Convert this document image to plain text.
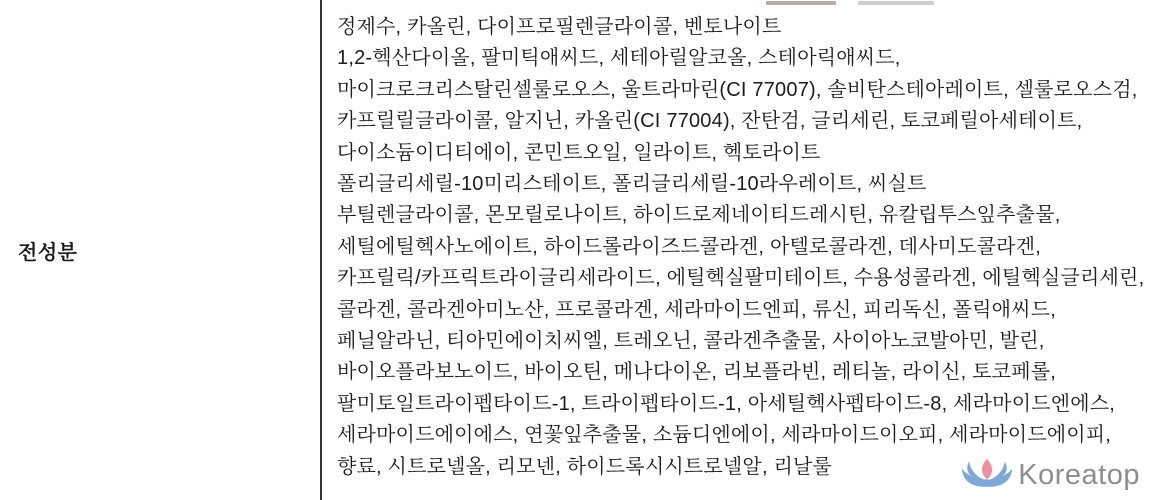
전성분
정제수, 카올린, 다이프로필렌글라이콜, 벤토나이트
1,2-헥산다이올, 팔미틱애씨드, 세테아릴알코올, 스테아릭애씨드,
마이크로크리스탈린셀룰로오스, 울트라마린(CI 77007), 솔비탄스테아레이트, 셀룰로오스검,
카프릴릴글라이콜, 알지닌, 카올린(CI 77004), 잔탄검, 글리세린, 토코페릴아세테이트,
다이소듐이디티에이, 콘민트오일, 일라이트, 헥토라이트
폴리글리세릴-10미리스테이트, 폴리글리세릴-10라우레이트, 씨실트
부틸렌글라이콜, 몬모릴로나이트, 하이드로제네이티드레시틴, 유칼립투스잎추출물,
세틸에틸헥사노에이트, 하이드롤라이즈드콜라겐, 아텔로콜라겐, 데사미도콜라겐,
카프릴릭/카프릭트라이글리세라이드, 에틸헥실팔미테이트, 수용성콜라겐, 에틸헥실글리세린,
콜라겐, 콜라겐아미노산, 프로콜라겐, 세라마이드엔피, 류신, 피리독신, 폴릭애씨드,
페닐알라닌, 티아민에이치씨엘, 트레오닌, 콜라겐추출물, 사이아노코발아민, 발린,
바이오플라보노이드, 바이오틴, 메나다이온, 리보플라빈, 레티놀, 라이신, 토코페롤,
팔미토일트라이펩타이드-1, 트라이펩타이드-1, 아세틸헥사펩타이드-8, 세라마이드엔에스,
세라마이드에이에스, 연꽃잎추출물, 소듐디엔에이, 세라마이드이오피, 세라마이드에이피,
향료, 시트로넬올, 리모넨, 하이드록시시트로넬알, 리날룰	Koreatop
